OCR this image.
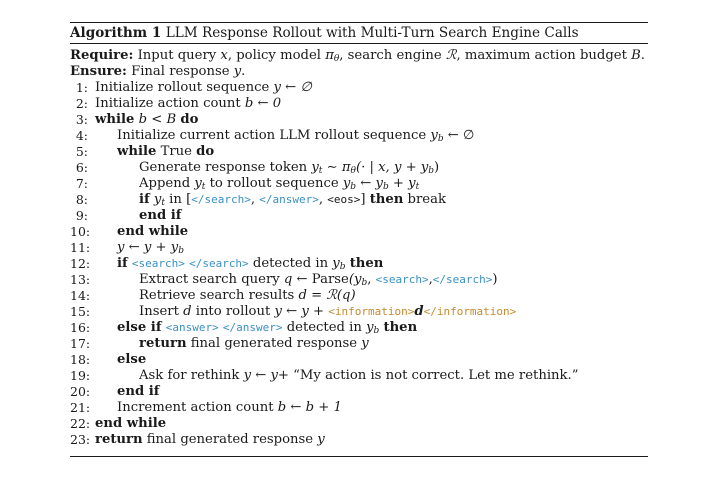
Algorithm 1 LLM Response Rollout with Multi-Turn Search Engine Calls
Require: Input query x, policy model $\pi_\theta$, search engine ℛ, maximum action budget B.
Ensure: Final response y.
1: Initialize rollout sequence y ← ∅
2: Initialize action count b ← 0
3: while b < B do
4: Initialize current action LLM rollout sequence $y_b$ ← ∅
5: while True do
6:	Generate response token $y_t$ ∼ $\pi_\theta(\cdot$ | x, $y + y_b$)
7:	Append $y_t$ to rollout sequence $y_b$ ← $y_b + y_t$
8:	if $y_t$ in [</search>, </answer>, <eos>] then break
9:	end if
10: end while
11: y ← $y + y_b$
12: if <search> </search> detected in $y_b$ then
13:	Extract search query q ← $Parse(y_b$, <search>,</search>)
14:	Retrieve search results d = ℛ(q)
15:	Insert d into rollout y ← y + <information>d</information>
16: else if <answer> </answer> detected in $y_b$ then
17:	return final generated response y
18: else
19:	Ask for rethink y ← y+ “My action is not correct. Let me rethink.”
20: end if
21: Increment action count b ← b + 1
22: end while
23: return final generated response y
